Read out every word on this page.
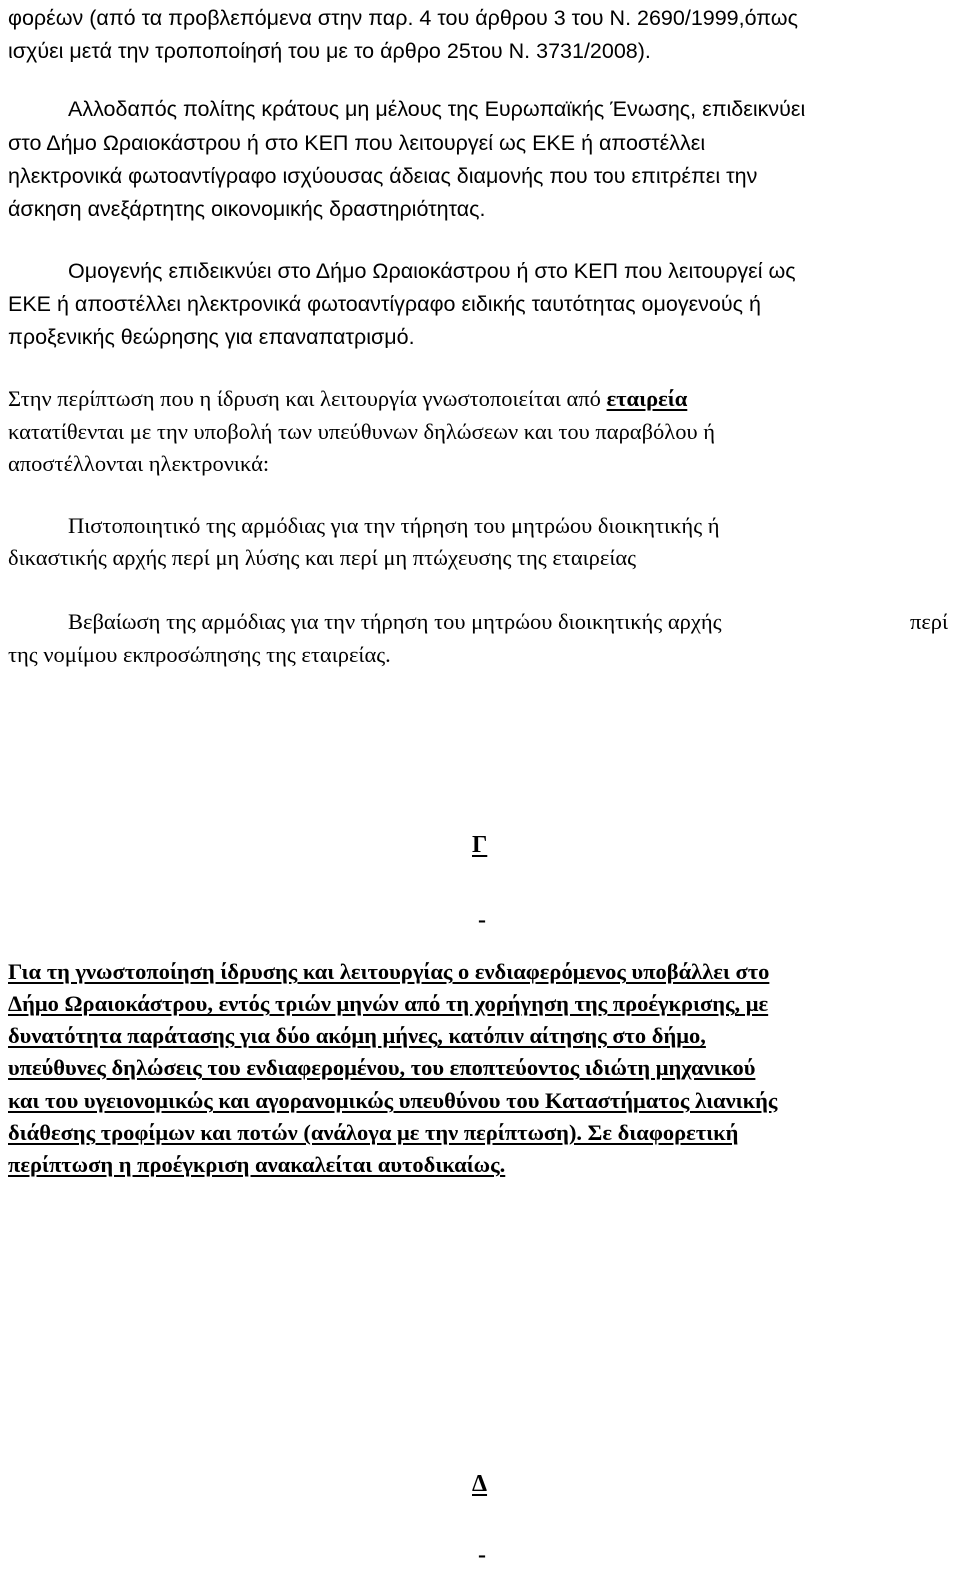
φορέων (από τα προβλεπόμενα στην παρ. 4 του άρθρου 3 του Ν. 2690/1999,όπως

ισχύει μετά την τροποποίησή του με το άρθρο 25του Ν. 3731/2008).

Αλλοδαπός πολίτης κράτους μη μέλους της Ευρωπαϊκής Ένωσης, επιδεικνύει

στο Δήμο Ωραιοκάστρου ή στο ΚΕΠ που λειτουργεί ως ΕΚΕ ή αποστέλλει

ηλεκτρονικά φωτοαντίγραφο ισχύουσας άδειας διαμονής που του επιτρέπει την

άσκηση ανεξάρτητης οικονομικής δραστηριότητας.

Ομογενής επιδεικνύει στο Δήμο Ωραιοκάστρου ή στο ΚΕΠ που λειτουργεί ως

ΕΚΕ ή αποστέλλει ηλεκτρονικά φωτοαντίγραφο ειδικής ταυτότητας ομογενούς ή

προξενικής θεώρησης για επαναπατρισμό.

Στην περίπτωση που η ίδρυση και λειτουργία γνωστοποιείται από εταιρεία

κατατίθενται με την υποβολή των υπεύθυνων δηλώσεων και του παραβόλου ή

αποστέλλονται ηλεκτρονικά:

Πιστοποιητικό της αρμόδιας για την τήρηση του μητρώου διοικητικής ή

δικαστικής αρχής περί μη λύσης και περί μη πτώχευσης της εταιρείας

Βεβαίωση της αρμόδιας για την τήρηση του μητρώου διοικητικής αρχής	περί

της νομίμου εκπροσώπησης της εταιρείας.

Γ
-

Για τη γνωστοποίηση ίδρυσης και λειτουργίας ο ενδιαφερόμενος υποβάλλει στο

Δήμο Ωραιοκάστρου, εντός τριών μηνών από τη χορήγηση της προέγκρισης, με

δυνατότητα παράτασης για δύο ακόμη μήνες, κατόπιν αίτησης στο δήμο,

υπεύθυνες δηλώσεις του ενδιαφερομένου, του εποπτεύοντος ιδιώτη μηχανικού

και του υγειονομικώς και αγορανομικώς υπευθύνου του Καταστήματος λιανικής

διάθεσης τροφίμων και ποτών (ανάλογα με την περίπτωση). Σε διαφορετική

περίπτωση η προέγκριση ανακαλείται αυτοδικαίως.

Δ
-
